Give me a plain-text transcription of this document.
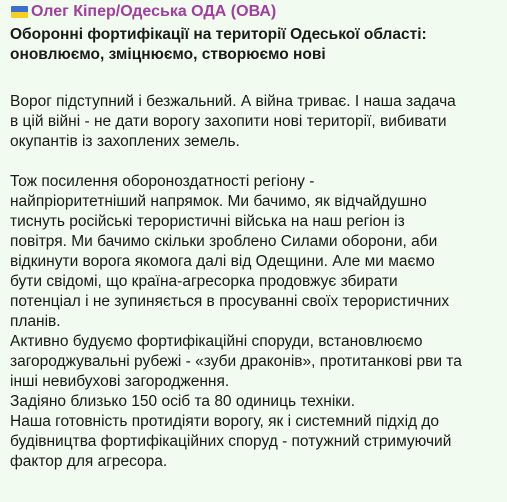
Олег Кіпер/Одеська ОДА (ОВА)
Оборонні фортифікації на території Одеської області:
оновлюємо, зміцнюємо, створюємо нові

Ворог підступний і безжальний. А війна триває. І наша задача
в цій війні - не дати ворогу захопити нові території, вибивати
окупантів із захоплених земель.

Тож посилення обороноздатності регіону -
найпріоритетніший напрямок. Ми бачимо, як відчайдушно
тиснуть російські терористичні війська на наш регіон із
повітря. Ми бачимо скільки зроблено Силами оборони, аби
відкинути ворога якомога далі від Одещини. Але ми маємо
бути свідомі, що країна-агресорка продовжує збирати
потенціал і не зупиняється в просуванні своїх терористичних
планів.

Активно будуємо фортифікаційні споруди, встановлюємо
загороджувальні рубежі - «зуби драконів», протитанкові рви та
інші невибухові загородження.

Задіяно близько 150 осіб та 80 одиниць техніки.

Наша готовність протидіяти ворогу, як і системний підхід до
будівництва фортифікаційних споруд - потужний стримуючий
фактор для агресора.
